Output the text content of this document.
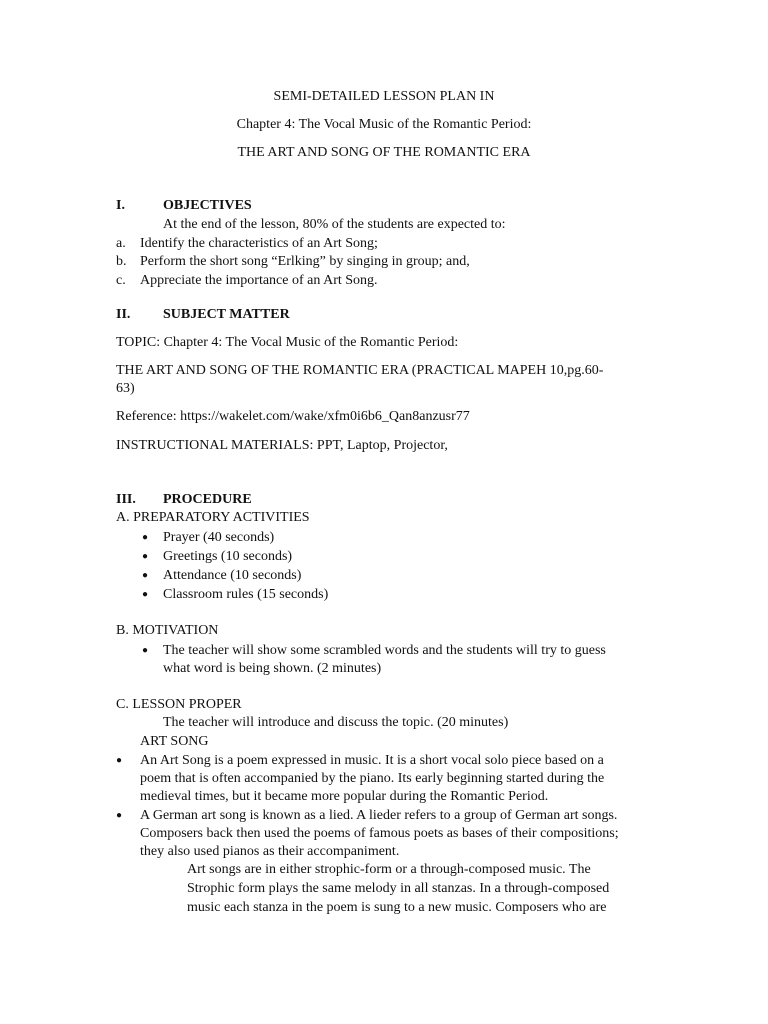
SEMI-DETAILED LESSON PLAN IN
Chapter 4: The Vocal Music of the Romantic Period:
THE ART AND SONG OF THE ROMANTIC ERA
I.	OBJECTIVES
At the end of the lesson, 80% of the students are expected to:
a. Identify the characteristics of an Art Song;
b. Perform the short song “Erlking” by singing in group; and,
c. Appreciate the importance of an Art Song.
II. SUBJECT MATTER
TOPIC: Chapter 4: The Vocal Music of the Romantic Period:
THE ART AND SONG OF THE ROMANTIC ERA (PRACTICAL MAPEH 10,pg.60-
63)
Reference: https://wakelet.com/wake/xfm0i6b6_Qan8anzusr77
INSTRUCTIONAL MATERIALS: PPT, Laptop, Projector,
III. PROCEDURE
A. PREPARATORY ACTIVITIES
● Prayer (40 seconds)
● Greetings (10 seconds)
● Attendance (10 seconds)
● Classroom rules (15 seconds)
B. MOTIVATION
● The teacher will show some scrambled words and the students will try to guess
what word is being shown. (2 minutes)
C. LESSON PROPER
The teacher will introduce and discuss the topic. (20 minutes)
ART SONG
● An Art Song is a poem expressed in music. It is a short vocal solo piece based on a
poem that is often accompanied by the piano. Its early beginning started during the
medieval times, but it became more popular during the Romantic Period.
● A German art song is known as a lied. A lieder refers to a group of German art songs.
Composers back then used the poems of famous poets as bases of their compositions;
they also used pianos as their accompaniment.
Art songs are in either strophic-form or a through-composed music. The
Strophic form plays the same melody in all stanzas. In a through-composed
music each stanza in the poem is sung to a new music. Composers who are
